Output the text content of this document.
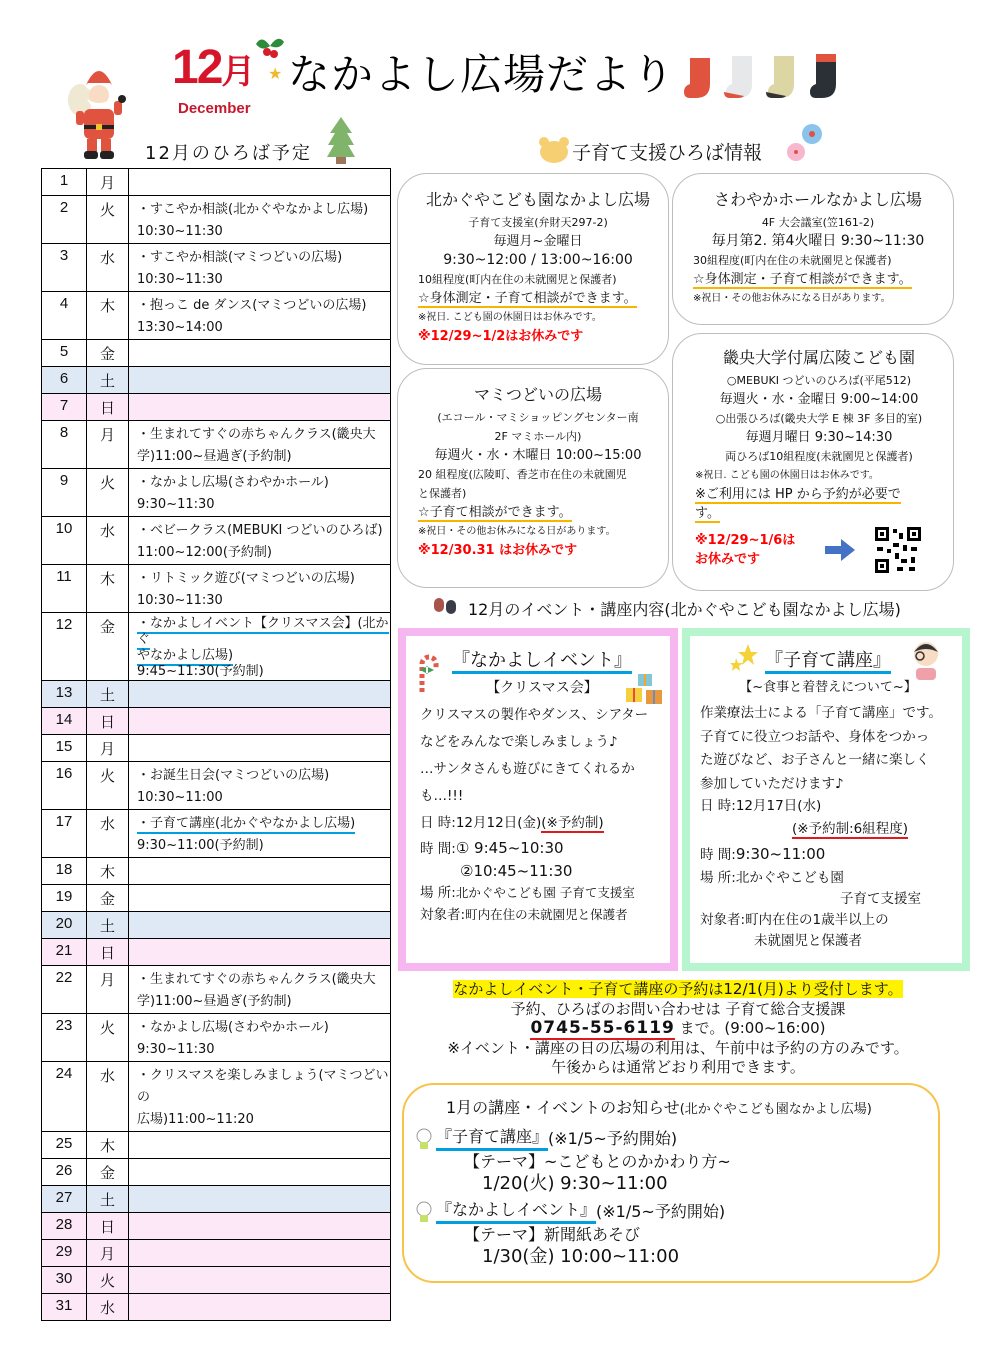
12月
December
★ なかよし広場だより
12月のひろば予定	子育て支援ひろば情報
1	月	
2	火	・すこやか相談(北かぐやなかよし広場)
10:30~11:30

3	水	・すこやか相談(マミつどいの広場)
10:30~11:30

4	木	・抱っこ de ダンス(マミつどいの広場)
13:30~14:00

5	金	
6	土	
7	日	
8	月	・生まれてすぐの赤ちゃんクラス(畿央大
学)11:00~昼過ぎ(予約制)

9	火	・なかよし広場(さわやかホール)
9:30~11:30

10	水	・ベビークラス(MEBUKI つどいのひろば)
11:00~12:00(予約制)

11	木	・リトミック遊び(マミつどいの広場)
10:30~11:30

12	金	・なかよしイベント【クリスマス会】(北かぐ
やなかよし広場)
9:45~11:30(予約制)

13	土	
14	日	
15	月	
16	火	・お誕生日会(マミつどいの広場)
10:30~11:00

17	水	・子育て講座(北かぐやなかよし広場)
9:30~11:00(予約制)

18	木	
19	金	
20	土	
21	日	
22	月	・生まれてすぐの赤ちゃんクラス(畿央大
学)11:00~昼過ぎ(予約制)

23	火	・なかよし広場(さわやかホール)
9:30~11:30

24	水	・クリスマスを楽しみましょう(マミつどいの
広場)11:00~11:20

25	木	
26	金	
27	土	
28	日	
29	月	
30	火	
31	水	
北かぐやこども園なかよし広場
子育て支援室(弁財天297-2)
毎週月~金曜日
9:30~12:00 / 13:00~16:00
10組程度(町内在住の未就園児と保護者)
☆身体測定・子育て相談ができます。
※祝日. こども園の休園日はお休みです。
※12/29~1/2はお休みです
さわやかホールなかよし広場
4F 大会議室(笠161-2)
毎月第2. 第4火曜日 9:30~11:30
30組程度(町内在住の未就園児と保護者)
☆身体測定・子育て相談ができます。
※祝日・その他お休みになる日があります。
マミつどいの広場
(エコール・マミショッピングセンター南
2F マミホール内)
毎週火・水・木曜日 10:00~15:00
20 組程度(広陵町、香芝市在住の未就園児
と保護者)
☆子育て相談ができます。
※祝日・その他お休みになる日があります。
※12/30.31 はお休みです
畿央大学付属広陵こども園
○MEBUKI つどいのひろば(平尾512)
毎週火・水・金曜日 9:00~14:00
○出張ひろば(畿央大学 E 棟 3F 多目的室)
毎週月曜日 9:30~14:30
両ひろば10組程度(未就園児と保護者)
※祝日. こども園の休園日はお休みです。
※ご利用には HP から予約が必要で
す。
※12/29~1/6は
お休みです
12月のイベント・講座内容(北かぐやこども園なかよし広場)
『なかよしイベント』
【クリスマス会】
クリスマスの製作やダンス、シアター
などをみんなで楽しみましょう♪
…サンタさんも遊びにきてくれるか
も…!!!
日 時:12月12日(金)(※予約制)
時 間:① 9:45~10:30
②10:45~11:30
場 所:北かぐやこども園 子育て支援室
対象者:町内在住の未就園児と保護者
『子育て講座』
【~食事と着替えについて~】
作業療法士による「子育て講座」です。
子育てに役立つお話や、身体をつかっ
た遊びなど、お子さんと一緒に楽しく
参加していただけます♪
日 時:12月17日(水)
(※予約制:6組程度)
時 間:9:30~11:00
場 所:北かぐやこども園
子育て支援室
対象者:町内在住の1歳半以上の
未就園児と保護者
なかよしイベント・子育て講座の予約は12/1(月)より受付します。
予約、ひろばのお問い合わせは 子育て総合支援課
0745-55-6119 まで。(9:00~16:00)
※イベント・講座の日の広場の利用は、午前中は予約の方のみです。
午後からは通常どおり利用できます。
1月の講座・イベントのお知らせ(北かぐやこども園なかよし広場)
『子育て講座』 (※1/5~予約開始)
【テーマ】~こどもとのかかわり方~
1/20(火) 9:30~11:00
『なかよしイベント』 (※1/5~予約開始)
【テーマ】新聞紙あそび
1/30(金) 10:00~11:00
